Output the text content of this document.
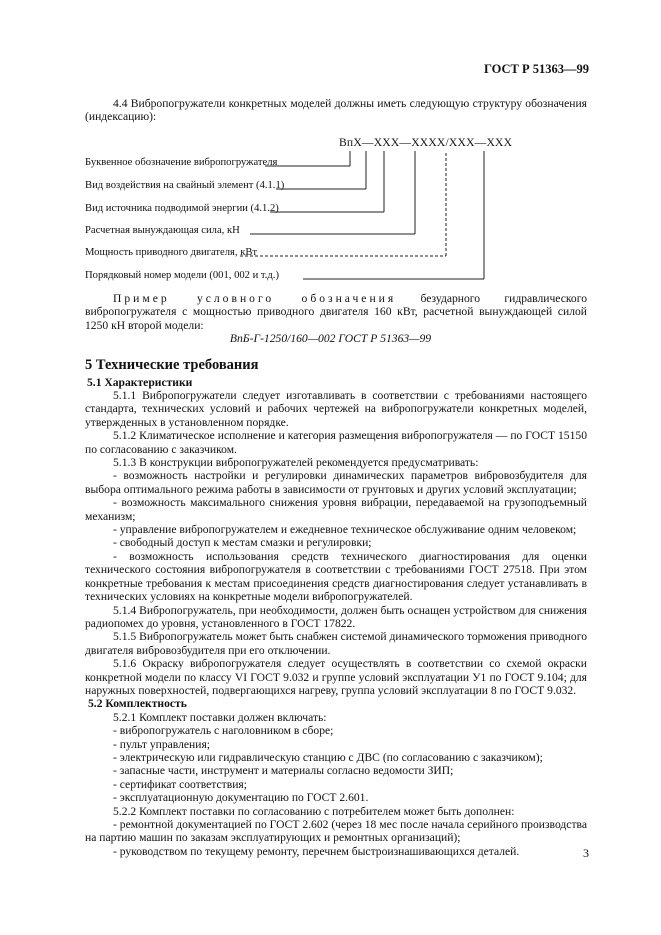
ГОСТ Р 51363—99
4.4 Вибропогружатели конкретных моделей должны иметь следующую структуру обозначения (индексацию):
ВпХ—ХХХ—ХХХХ/ХХХ—ХХХ
Буквенное обозначение вибропогружателя
Вид воздействия на свайный элемент (4.1.1)
Вид источника подводимой энергии (4.1.2)
Расчетная вынуждающая сила, кН
Мощность приводного двигателя, кВт
Порядковый номер модели (001, 002 и т.д.)
Пример условного обозначения безударного гидравлического вибропогружателя с мощностью приводного двигателя 160 кВт, расчетной вынуждающей силой 1250 кН второй модели:
ВпБ-Г-1250/160—002 ГОСТ Р 51363—99
5 Технические требования
5.1 Характеристики

5.1.1 Вибропогружатели следует изготавливать в соответствии с требованиями настоящего стандарта, технических условий и рабочих чертежей на вибропогружатели конкретных моделей, утвержденных в установленном порядке.

5.1.2 Климатическое исполнение и категория размещения вибропогружателя — по ГОСТ 15150 по согласованию с заказчиком.

5.1.3 В конструкции вибропогружателей рекомендуется предусматривать:

- возможность настройки и регулировки динамических параметров вибровозбудителя для выбора оптимального режима работы в зависимости от грунтовых и других условий эксплуатации;

- возможность максимального снижения уровня вибрации, передаваемой на грузоподъемный механизм;

- управление вибропогружателем и ежедневное техническое обслуживание одним человеком;

- свободный доступ к местам смазки и регулировки;

- возможность использования средств технического диагностирования для оценки технического состояния вибропогружателя в соответствии с требованиями ГОСТ 27518. При этом конкретные требования к местам присоединения средств диагностирования следует устанавливать в технических условиях на конкретные модели вибропогружателей.

5.1.4 Вибропогружатель, при необходимости, должен быть оснащен устройством для снижения радиопомех до уровня, установленного в ГОСТ 17822.

5.1.5 Вибропогружатель может быть снабжен системой динамического торможения приводного двигателя вибровозбудителя при его отключении.

5.1.6 Окраску вибропогружателя следует осуществлять в соответствии со схемой окраски конкретной модели по классу VI ГОСТ 9.032 и группе условий эксплуатации У1 по ГОСТ 9.104; для наружных поверхностей, подвергающихся нагреву, группа условий эксплуатации 8 по ГОСТ 9.032.

5.2 Комплектность

5.2.1 Комплект поставки должен включать:

- вибропогружатель с наголовником в сборе;

- пульт управления;

- электрическую или гидравлическую станцию с ДВС (по согласованию с заказчиком);

- запасные части, инструмент и материалы согласно ведомости ЗИП;

- сертификат соответствия;

- эксплуатационную документацию по ГОСТ 2.601.

5.2.2 Комплект поставки по согласованию с потребителем может быть дополнен:

- ремонтной документацией по ГОСТ 2.602 (через 18 мес после начала серийного производства на партию машин по заказам эксплуатирующих и ремонтных организаций);

- руководством по текущему ремонту, перечнем быстроизнашивающихся деталей.	3
